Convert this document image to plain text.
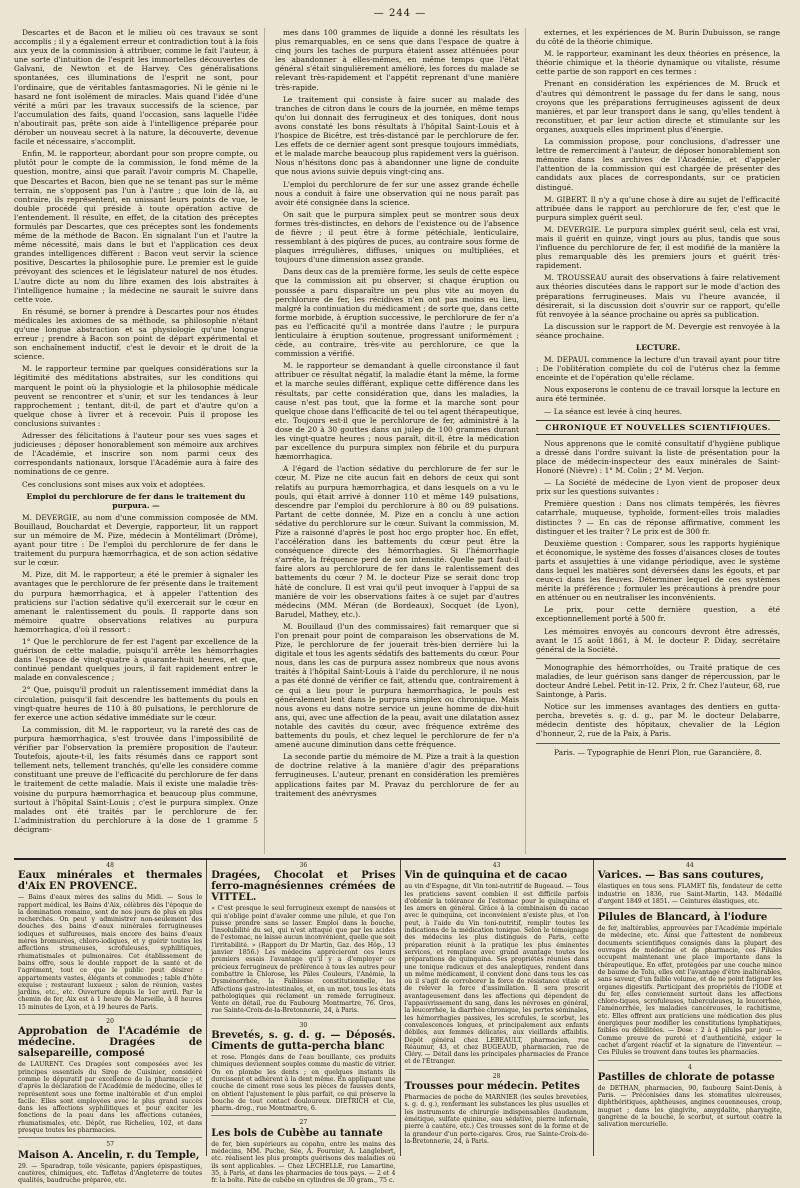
— 244 —

Descartes et de Bacon et le milieu où ces travaux se sont accomplis ; il y a également erreur et contradiction tout à la fois aux yeux de la commission à attribuer, comme le fait l'auteur, à une sorte d'intuition de l'esprit les immortelles découvertes de Galvani, de Newton et de Harvey. Ces généralisations spontanées, ces illuminations de l'esprit ne sont, pour l'ordinaire, que de véritables fantasmagories. Ni le génie ni le hasard ne font isolément de miracles. Mais quand l'idée d'une vérité a mûri par les travaux successifs de la science, par l'accumulation des faits, quand l'occasion, sans laquelle l'idée n'aboutirait pas, prête son aide à l'intelligence préparée pour dérober un nouveau secret à la nature, la découverte, devenue facile et nécessaire, s'accomplit.

Enfin, M. le rapporteur, abordant pour son propre compte, ou plutôt pour le compte de la commission, le fond même de la question, montre, ainsi que paraît l'avoir compris M. Chapelle, que Descartes et Bacon, bien que ne se tenant pas sur le même terrain, ne s'opposent pas l'un à l'autre ; que loin de là, au contraire, ils représentent, en unissant leurs points de vue, le double procédé qui préside à toute opération active de l'entendement. Il résulte, en effet, de la citation des préceptes formulés par Descartes, que ces préceptes sont les fondements même de la méthode de Bacon. En signalant l'un et l'autre la même nécessité, mais dans le but et l'application ces deux grandes intelligences diffèrent : Bacon veut servir la science positive, Descartes la philosophie pure. Le premier est le guide prévoyant des sciences et le législateur naturel de nos études. L'autre dicte au nom du libre examen des lois abstraites à l'intelligence humaine ; la médecine ne saurait le suivre dans cette voie.

En résumé, se borner à prendre à Descartes pour nos études médicales les axiomes de sa méthode, sa philosophie n'étant qu'une longue abstraction et sa physiologie qu'une longue erreur ; prendre à Bacon son point de départ expérimental et son enchaînement inductif, c'est le devoir et le droit de la science.

M. le rapporteur termine par quelques considérations sur la légitimité des méditations abstraites, sur les conditions qui marquent le point où la physiologie et la philosophie médicale peuvent se rencontrer et s'unir, et sur les tendances à leur rapprochement ; tentant, dit-il, de part et d'autre qu'on a quelque chose à livrer et à recevoir. Puis il propose les conclusions suivantes :

Adresser des félicitations à l'auteur pour ses vues sages et judicieuses ; déposer honorablement son mémoire aux archives de l'Académie, et inscrire son nom parmi ceux des correspondants nationaux, lorsque l'Académie aura à faire des nominations de ce genre.

Ces conclusions sont mises aux voix et adoptées.

Emploi du perchlorure de fer dans le traitement du purpura. —

M. DEVERGIE, au nom d'une commission composée de MM. Bouillaud, Bouchardat et Devergie, rapporteur, lit un rapport sur un mémoire de M. Pize, médecin à Montélimart (Drôme), ayant pour titre : De l'emploi du perchlorure de fer dans le traitement du purpura hæmorrhagica, et de son action sédative sur le cœur.

M. Pize, dit M. le rapporteur, a été le premier à signaler les avantages que le perchlorure de fer présente dans le traitement du purpura hæmorrhagica, et à appeler l'attention des praticiens sur l'action sédative qu'il exercerait sur le cœur en amenant le ralentissement du pouls. Il rapporte dans son mémoire quatre observations relatives au purpura hæmorrhagica, d'où il ressort :

1° Que le perchlorure de fer est l'agent par excellence de la guérison de cette maladie, puisqu'il arrête les hémorrhagies dans l'espace de vingt-quatre à quarante-huit heures, et que, continué pendant quelques jours, il fait rapidement entrer le malade en convalescence ;

2° Que, puisqu'il produit un ralentissement immédiat dans la circulation, puisqu'il fait descendre les battements du pouls en vingt-quatre heures de 110 à 80 pulsations, le perchlorure de fer exerce une action sédative immédiate sur le cœur.

La commission, dit M. le rapporteur, vu la rareté des cas de purpura hæmorrhagica, s'est trouvée dans l'impossibilité de vérifier par l'observation la première proposition de l'auteur. Toutefois, ajoute-t-il, les faits résumés dans ce rapport sont tellement nets, tellement tranchés, qu'elle les considère comme constituant une preuve de l'efficacité du perchlorure de fer dans le traitement de cette maladie. Mais il existe une maladie très-voisine du purpura hæmorrhagica et beaucoup plus commune, surtout à l'hôpital Saint-Louis ; c'est le purpura simplex. Onze malades ont été traités par le perchlorure de fer. L'administration du perchlorure à la dose de 1 gramme 5 décigram-

mes dans 100 grammes de liquide a donné les résultats les plus remarquables, en ce sens que dans l'espace de quatre à cinq jours les taches de purpura étaient assez atténuées pour les abandonner à elles-mêmes, en même temps que l'état général s'était singulièrement amélioré, les forces du malade se relevant très-rapidement et l'appétit reprenant d'une manière très-rapide.

Le traitement qui consiste à faire sucer au malade des tranches de citron dans le cours de la journée, en même temps qu'on lui donnait des ferrugineux et des toniques, dont nous avons constaté les bons résultats à l'hôpital Saint-Louis et à l'hospice de Bicêtre, est très-distancé par le perchlorure de fer. Les effets de ce dernier agent sont presque toujours immédiats, et le malade marche beaucoup plus rapidement vers la guérison. Nous n'hésitons donc pas à abandonner une ligne de conduite que nous avions suivie depuis vingt-cinq ans.

L'emploi du perchlorure de fer sur une assez grande échelle nous a conduit à faire une observation qui ne nous paraît pas avoir été consignée dans la science.

On sait que le purpura simplex peut se montrer sous deux formes très-distinctes, en dehors de l'existence ou de l'absence de fièvre ; il peut être à forme pétéchiale, lenticulaire, ressemblant à des piqûres de puces, au contraire sous forme de plaques irrégulières, diffuses, uniques ou multipliées, et toujours d'une dimension assez grande.

Dans deux cas de la première forme, les seuls de cette espèce que la commission ait pu observer, si chaque éruption ou poussée a paru disparaître un peu plus vite au moyen du perchlorure de fer, les récidives n'en ont pas moins eu lieu, malgré la continuation du médicament ; de sorte que, dans cette forme morbide, à éruption successive, le perchlorure de fer n'a pas eu l'efficacité qu'il a montrée dans l'autre ; le purpura lenticulaire à éruption soutenue, progressant uniformément ; cède, au contraire, très-vite au perchlorure, ce que la commission a vérifié.

M. le rapporteur se demandant à quelle circonstance il faut attribuer ce résultat négatif, la maladie étant la même, la forme et la marche seules différant, explique cette différence dans les résultats, par cette considération que, dans les maladies, la cause n'est pas tout, que la forme et la marche sont pour quelque chose dans l'efficacité de tel ou tel agent thérapeutique, etc. Toujours est-il que le perchlorure de fer, administré à la dose de 20 à 30 gouttes dans un julep de 100 grammes durant les vingt-quatre heures ; nous paraît, dit-il, être la médication par excellence du purpura simplex non fébrile et du purpura hæmorrhagica.

A l'égard de l'action sédative du perchlorure de fer sur le cœur, M. Pize ne cite aucun fait en dehors de ceux qui sont relatifs au purpura hæmorrhagica, et dans lesquels on a vu le pouls, qui était arrivé à donner 110 et même 149 pulsations, descendre par l'emploi du perchlorure à 80 ou 89 pulsations. Partant de cette donnée, M. Pize en a conclu à une action sédative du perchlorure sur le cœur. Suivant la commission, M. Pize a raisonné d'après le post hoc ergo propter hoc. En effet, l'accélération dans les battements du cœur peut être la conséquence directe des hémorrhagies. Si l'hémorrhagie s'arrête, la fréquence perd de son intensité. Quelle part faut-il faire alors au perchlorure de fer dans le ralentissement des battements du cœur ? M. le docteur Pize se serait donc trop hâté de conclure. Il est vrai qu'il peut invoquer à l'appui de sa manière de voir les observations faites à ce sujet par d'autres médecins (MM. Méran (de Bordeaux), Socquet (de Lyon), Barudel, Mathey, etc.).

M. Bouillaud (l'un des commissaires) fait remarquer que si l'on prenait pour point de comparaison les observations de M. Pize, le perchlorure de fer jouerait très-bien derrière lui la digitale et tous les agents sédatifs des battements du cœur. Pour nous, dans les cas de purpura assez nombreux que nous avons traités à l'hôpital Saint-Louis à l'aide du perchlorure, il ne nous a pas été donné de vérifier ce fait, attendu que, contrairement à ce qui a lieu pour le purpura hæmorrhagica, le pouls est généralement lent dans le purpura simplex ou chronique. Mais nous avons eu dans notre service un jeune homme de dix-huit ans, qui, avec une affection de la peau, avait une dilatation assez notable des cavités du cœur, avec fréquence extrême des battements du pouls, et chez lequel le perchlorure de fer n'a amené aucune diminution dans cette fréquence.

La seconde partie du mémoire de M. Pize a trait à la question de doctrine relative à la manière d'agir des préparations ferrugineuses. L'auteur, prenant en considération les premières applications faites par M. Pravaz du perchlorure de fer au traitement des anévrysmes

externes, et les expériences de M. Burin Dubuisson, se range du côté de la théorie chimique.

M. le rapporteur, examinant les deux théories en présence, la théorie chimique et la théorie dynamique ou vitaliste, résume cette partie de son rapport en ces termes :

Prenant en considération les expériences de M. Bruck et d'autres qui démontrent le passage du fer dans le sang, nous croyons que les préparations ferrugineuses agissent de deux manières, et par leur transport dans le sang, qu'elles tendent à reconstituer, et par leur action directe et stimulante sur les organes, auxquels elles impriment plus d'énergie.

La commission propose, pour conclusions, d'adresser une lettre de remerciment à l'auteur, de déposer honorablement son mémoire dans les archives de l'Académie, et d'appeler l'attention de la commission qui est chargée de présenter des candidats aux places de correspondants, sur ce praticien distingué.

M. GIBERT. Il n'y a qu'une chose à dire au sujet de l'efficacité attribuée dans le rapport au perchlorure de fer, c'est que le purpura simplex guérit seul.

M. DEVERGIE. Le purpura simplex guérit seul, cela est vrai, mais il guérit en quinze, vingt jours au plus, tandis que sous l'influence du perchlorure de fer, il est modifié de la manière la plus remarquable dès les premiers jours et guérit très-rapidement.

M. TROUSSEAU aurait des observations à faire relativement aux théories discutées dans le rapport sur le mode d'action des préparations ferrugineuses. Mais vu l'heure avancée, il désirerait, si la discussion doit s'ouvrir sur ce rapport, qu'elle fût renvoyée à la séance prochaine ou après sa publication.

La discussion sur le rapport de M. Devergie est renvoyée à la séance prochaine.

LECTURE.

M. DEPAUL commence la lecture d'un travail ayant pour titre : De l'oblitération complète du col de l'utérus chez la femme enceinte et de l'opération qu'elle réclame.

Nous exposerons le contenu de ce travail lorsque la lecture en aura été terminée.

— La séance est levée à cinq heures.

CHRONIQUE ET NOUVELLES SCIENTIFIQUES.

Nous apprenons que le comité consultatif d'hygiène publique a dressé dans l'ordre suivant la liste de présentation pour la place de médecin-inspecteur des eaux minérales de Saint-Honoré (Nièvre) : 1° M. Colin ; 2° M. Verjon.

— La Société de médecine de Lyon vient de proposer deux prix sur les questions suivantes :

Première question : Dans nos climats tempérés, les fièvres catarrhale, muqueuse, typhoïde, forment-elles trois maladies distinctes ? — En cas de réponse affirmative, comment les distinguer et les traiter ? Le prix est de 300 fr.

Deuxième question : Comparer, sous les rapports hygiénique et économique, le système des fosses d'aisances closes de toutes parts et assujetties à une vidange périodique, avec le système dans lequel les matières sont déversées dans les égouts, et par ceux-ci dans les fleuves. Déterminer lequel de ces systèmes mérite la préférence ; formuler les précautions à prendre pour en atténuer ou en neutraliser les inconvénients.

Le prix, pour cette dernière question, a été exceptionnellement porté à 500 fr.

Les mémoires envoyés au concours devront être adressés, avant le 15 août 1861, à M. le docteur P. Diday, secrétaire général de la Société.

Monographie des hémorrhoïdes, ou Traité pratique de ces maladies, de leur guérison sans danger de répercussion, par le docteur André Lebel. Petit in-12. Prix, 2 fr. Chez l'auteur, 68, rue Saintonge, à Paris.

Notice sur les immenses avantages des dentiers en gutta-percha, brevetés s. g. d. g., par M. le docteur Delabarre, médecin dentiste des hôpitaux, chevalier de la Légion d'honneur, 2, rue de la Paix, à Paris.

Paris. — Typographie de Henri Plon, rue Garancière, 8.

48
Eaux minérales et thermales d'Aix EN PROVENCE.
— Bains d'eaux mères des salins du Midi. — Sous le rapport médical, les Bains d'Aix, célèbres dès l'époque de la domination romaine, sont de nos jours de plus en plus recherchés. On peut y administrer non-seulement des douches des bains d'eaux minérales ferrugineuses iodiques et sulfureuses, mais encore des bains d'eaux mères bromurées, chloro-iodiques, et y guérir toutes les affections strumeuses, scrofuleuses, syphilitiques, rhumatismales et pulmonaires. Cet établissement de bains offre, sous le double rapport de la santé et de l'agrément, tout ce que le public peut désirer : appartements vastes, élégants et commodes ; table d'hôte exquise ; restaurant luxueux ; salon de réunion, vastes jardins, etc., etc. Ouverture depuis le 1er avril. Par le chemin de fer, Aix est à 1 heure de Marseille, à 8 heures 15 minutes de Lyon, et à 19 heures de Paris.
20
Approbation de l'Académie de médecine. Dragées de salsepareille, composé
de LAURENT. Ces Dragées sont composées avec les principes essentiels du Sirop de Cuisinier, considéré comme le dépuratif par excellence de la pharmacie ; et d'après la déclaration de l'Académie de médecine, elles le représentent sous une forme inaltérable et d'un emploi facile. Elles sont employées avec le plus grand succès dans les affections syphilitiques et pour exciter les fonctions de la peau dans les affections cutanées, rhumatismales, etc. Dépôt, rue Richelieu, 102, et dans presque toutes les pharmacies.
57
Maison A. Ancelin, r. du Temple,
29. — Sparadrap, toile vésicante, papiers épispastiques, cautères, chimiques, etc. Taffetas d'Angleterre de toutes qualités, baudruche préparée, etc.
36
Dragées, Chocolat et Prises ferro-magnésiennes crémées de VITTEL.
« C'est presque le seul ferrugineux exempt de nausées et qui n'oblige point d'avaler comme une pilule, et que l'on puisse prendre sans se lasser. Emploi dans la bouche, l'insolubilité du sel, qui n'est attaqué que par les acides de l'estomac, ne laisse aucun inconvénient, quelle que soit l'irritabilité. » (Rapport du Dr Martin, Gaz. des Hôp., 13 janvier 1856.) Les médecins apprécieront ces leurs premiers essais l'avantage qu'il y a d'employer ce précieux ferrugineux de préférence à tous les autres pour combattre la Chlorose, les Pâles Couleurs, l'Anémie, la Dysménorrhée, la Faiblesse constitutionnelle, les Affections gastro-intestinales, et, en un mot, tous les états pathologiques qui réclament un remède ferrugineux. Vente en détail, rue du Faubourg Montmartre, 76. Gros, rue Sainte-Croix-de-la-Bretonnerie, 24, à Paris.
30
Brevetés, s. g. d. g. — Déposés. Ciments de gutta-percha blanc
et rose. Plongés dans de l'eau bouillante, ces produits chimiques deviennent souples comme du mastic de vitrier. On en plombe les dents ; en quelques instants ils durcissent et adhèrent à la dent même. En appliquant une couche de ciment rose sous les pièces de fausses dents, on obtient l'ajustement le plus parfait, ce qui préserve la bouche de tout contact douloureux. DIETRICH et Cie, pharm.-drog., rue Montmartre, 6.
27
Les bols de Cubèbe au tannate
de fer, bien supérieurs au copahu, entre les mains des médecins, MM. Puche, Sée, A. Fournier, A. Langlebert, etc. réalisent les plus prompts guérisons des maladies où ils sont applicables. — Chez LECHELLE, rue Lamartine, 35, à Paris, et dans les pharmacies de tous pays. — 2 et 4 fr. la boîte. Pâte de cubèbe en cylindres de 30 gram., 75 c.
43
Vin de quinquina et de cacao
au vin d'Espagne, dit Vin toni-nutritif de Bugeaud. — Tous les praticiens savent combien il est difficile parfois d'obtenir la tolérance de l'estomac pour le quinquina et les amers en général. Grâce à la combinaison du cacao avec le quinquina, cet inconvénient n'existe plus, et l'on peut, à l'aide du Vin toni-nutritif, remplir toutes les indications de la médication tonique. Selon le témoignage des médecins les plus distingués de Paris, cette préparation réunit à la pratique les plus éminentes services, et remplace avec grand avantage toutes les préparations de quinquina. Ses propriétés réunies dans une tonique radicaux et des analeptiques, rendent dans un même médicament, il convient donc dans tous les cas où il s'agit de corroborer la force de résistance vitale et de relever la force d'assimilation. Il sera prescrit avantageusement dans les affections qui dépendent de l'appauvrissement du sang, dans les névroses en général, la leucorrhée, la diarrhée chronique, les pertes séminales, les hémorrhagies passives, les scrofules, le scorbut, les convalescences longues, et principalement aux enfants débiles, aux femmes délicates, aux vieillards affaiblis. Dépôt général chez LEBEAULT, pharmacien, rue Réaumur, 43, et chez BUGEAUD, pharmacien, rue de Cléry. — Détail dans les principales pharmacies de France et de l'Étranger.
28
Trousses pour médecin. Petites
Pharmacies de poche de MARNIER (les seules brevetées, s. g. d. g.), renfermant les substances les plus usuelles et les instruments de chirurgie indispensables (laudanum, émétique, sulfate quinine, eau sédative, pierre infernale, pierre à cautère, etc.) Ces trousses sont de la forme et de la grandeur d'un porte-cigares. Gros, rue Sainte-Croix-de-la-Bretonnerie, 24, à Paris.
44
Varices. — Bas sans coutures,
élastiques en tous sens. FLAMET fils, fondateur de cette industrie en 1836, rue Saint-Martin, 143. Médaillé d'argent 1849 et 1851. — Ceintures élastiques, etc.
Pilules de Blancard, à l'iodure
de fer, inaltérables, approuvées par l'Académie impériale de médecine, etc. Ainsi que l'attestent de nombreux documents scientifiques consignés dans la plupart des ouvrages de médecine et de pharmacie, ces Pilules occupent maintenant une place importante dans la thérapeutique. En effet, protégées par une couche mince de baume de Tolu, elles ont l'avantage d'être inaltérables, sans saveur, d'un faible volume, et de ne point fatiguer les organes digestifs. Participant des propriétés de l'IODE et du fer, elles conviennent surtout dans les affections chloro-tiques, scrofuleuses, tuberculeuses, la leucorrhée, l'aménorrhée, les maladies cancéreuses, le rachitisme, etc. Elles offrent aux praticiens une médication des plus énergiques pour modifier les constitutions lymphatiques, faibles ou débilitées. — Dose : 2 à 4 pilules par jour. — Comme preuve de pureté et d'authenticité, exiger le cachet d'argent réactif et la signature de l'inventeur. — Ces Pilules se trouvent dans toutes les pharmacies.
4
Pastilles de chlorate de potasse
de DETHAN, pharmacien, 90, faubourg Saint-Denis, à Paris. — Préconisées dans les stomatites ulcéreuses, diphthéritiques, aphtheuses, angines couenneuses, croup, muguet ; dans les gingivite, amygdalite, pharyngite, gangrène de la bouche, le scorbut, et surtout contre la salivation mercurielle.
